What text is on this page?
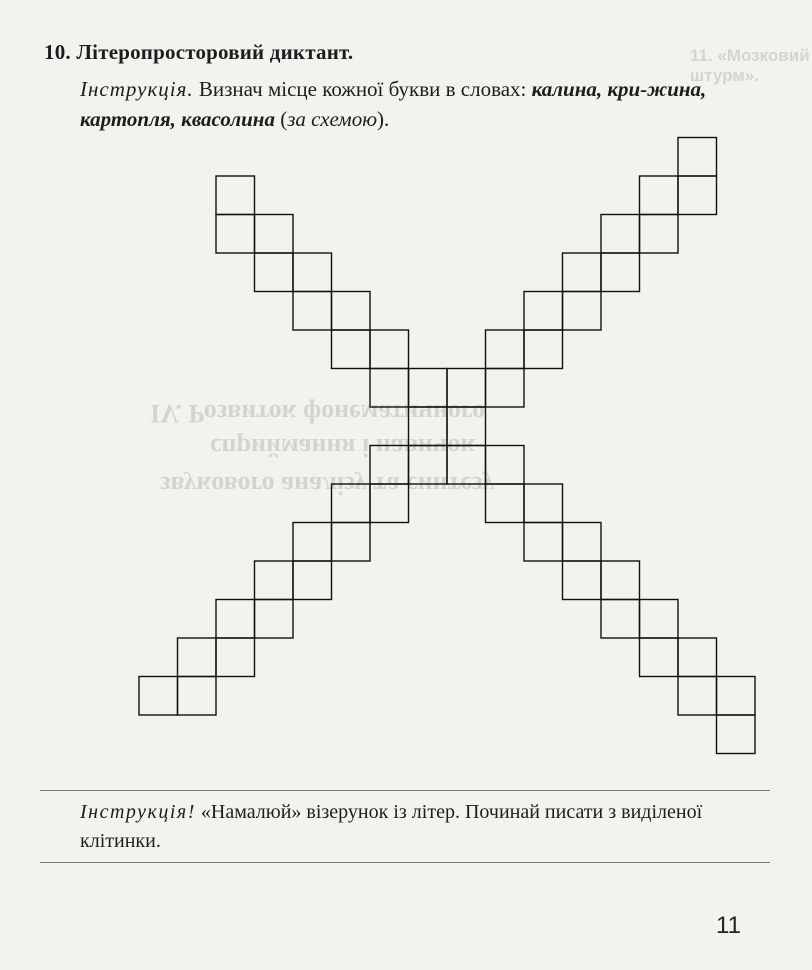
11. «Мозковий штурм».
IV. Розвиток фонематичного
сприймання і навичок
звукового аналізу та синтезу
10. Літеропросторовий диктант.
Інструкція. Визнач місце кожної букви в словах: калина, кри-жина, картопля, квасолина (за схемою).
Інструкція! «Намалюй» візерунок із літер. Починай писати з виділеної клітинки.
11
